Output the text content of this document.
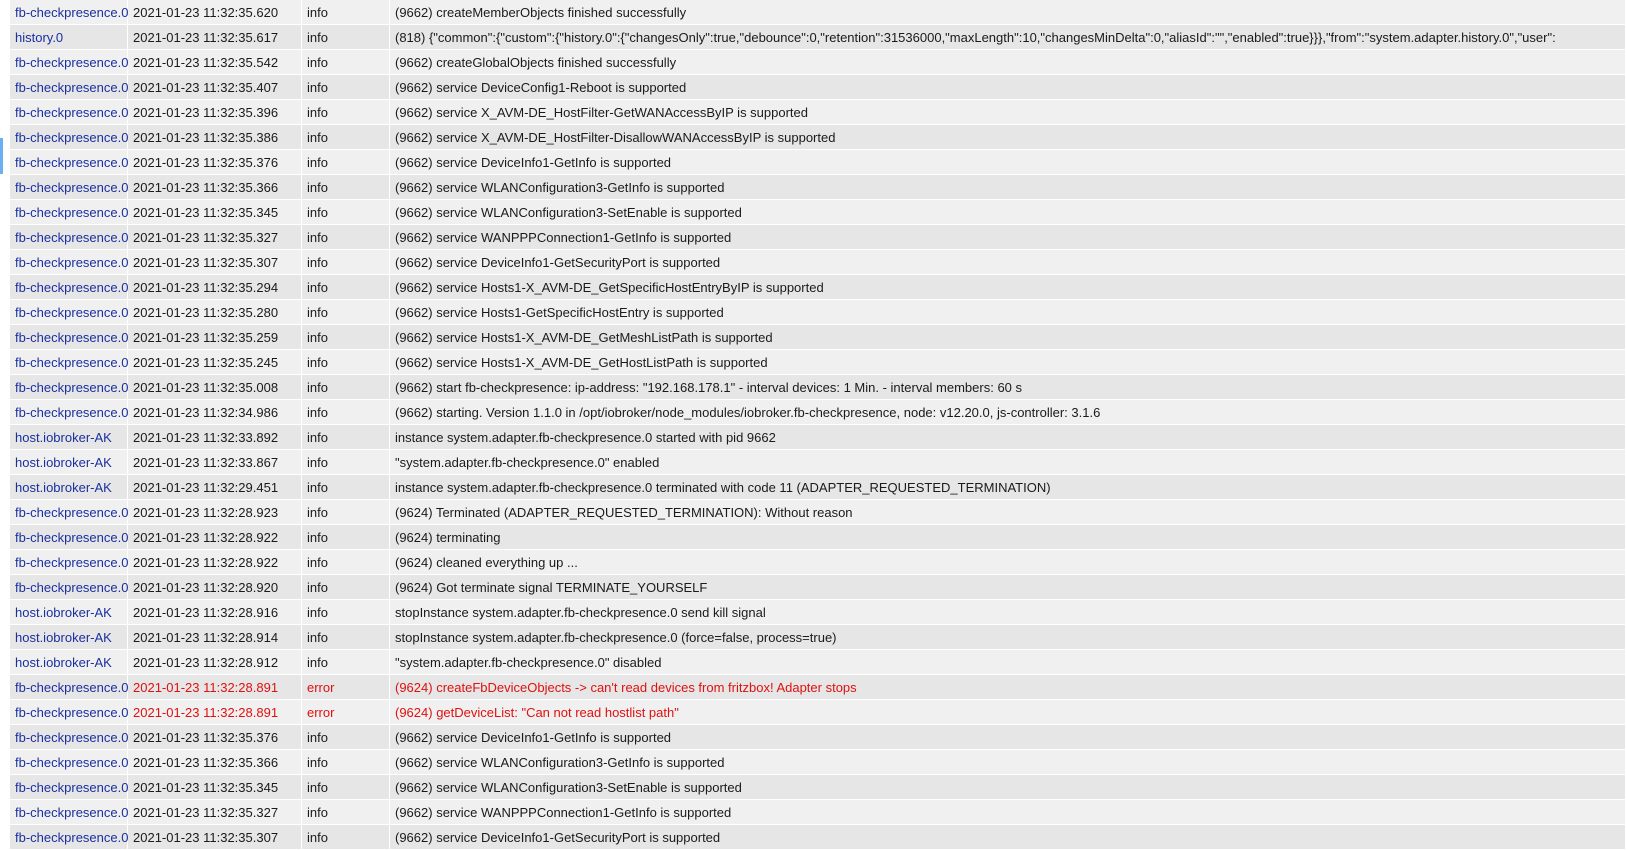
fb-checkpresence.0	2021-01-23 11:32:35.620	info	(9662) createMemberObjects finished successfully
history.0	2021-01-23 11:32:35.617	info	(818) {"common":{"custom":{"history.0":{"changesOnly":true,"debounce":0,"retention":31536000,"maxLength":10,"changesMinDelta":0,"aliasId":"","enabled":true}}},"from":"system.adapter.history.0","user":
fb-checkpresence.0	2021-01-23 11:32:35.542	info	(9662) createGlobalObjects finished successfully
fb-checkpresence.0	2021-01-23 11:32:35.407	info	(9662) service DeviceConfig1-Reboot is supported
fb-checkpresence.0	2021-01-23 11:32:35.396	info	(9662) service X_AVM-DE_HostFilter-GetWANAccessByIP is supported
fb-checkpresence.0	2021-01-23 11:32:35.386	info	(9662) service X_AVM-DE_HostFilter-DisallowWANAccessByIP is supported
fb-checkpresence.0	2021-01-23 11:32:35.376	info	(9662) service DeviceInfo1-GetInfo is supported
fb-checkpresence.0	2021-01-23 11:32:35.366	info	(9662) service WLANConfiguration3-GetInfo is supported
fb-checkpresence.0	2021-01-23 11:32:35.345	info	(9662) service WLANConfiguration3-SetEnable is supported
fb-checkpresence.0	2021-01-23 11:32:35.327	info	(9662) service WANPPPConnection1-GetInfo is supported
fb-checkpresence.0	2021-01-23 11:32:35.307	info	(9662) service DeviceInfo1-GetSecurityPort is supported
fb-checkpresence.0	2021-01-23 11:32:35.294	info	(9662) service Hosts1-X_AVM-DE_GetSpecificHostEntryByIP is supported
fb-checkpresence.0	2021-01-23 11:32:35.280	info	(9662) service Hosts1-GetSpecificHostEntry is supported
fb-checkpresence.0	2021-01-23 11:32:35.259	info	(9662) service Hosts1-X_AVM-DE_GetMeshListPath is supported
fb-checkpresence.0	2021-01-23 11:32:35.245	info	(9662) service Hosts1-X_AVM-DE_GetHostListPath is supported
fb-checkpresence.0	2021-01-23 11:32:35.008	info	(9662) start fb-checkpresence: ip-address: "192.168.178.1" - interval devices: 1 Min. - interval members: 60 s
fb-checkpresence.0	2021-01-23 11:32:34.986	info	(9662) starting. Version 1.1.0 in /opt/iobroker/node_modules/iobroker.fb-checkpresence, node: v12.20.0, js-controller: 3.1.6
host.iobroker-AK	2021-01-23 11:32:33.892	info	instance system.adapter.fb-checkpresence.0 started with pid 9662
host.iobroker-AK	2021-01-23 11:32:33.867	info	"system.adapter.fb-checkpresence.0" enabled
host.iobroker-AK	2021-01-23 11:32:29.451	info	instance system.adapter.fb-checkpresence.0 terminated with code 11 (ADAPTER_REQUESTED_TERMINATION)
fb-checkpresence.0	2021-01-23 11:32:28.923	info	(9624) Terminated (ADAPTER_REQUESTED_TERMINATION): Without reason
fb-checkpresence.0	2021-01-23 11:32:28.922	info	(9624) terminating
fb-checkpresence.0	2021-01-23 11:32:28.922	info	(9624) cleaned everything up ...
fb-checkpresence.0	2021-01-23 11:32:28.920	info	(9624) Got terminate signal TERMINATE_YOURSELF
host.iobroker-AK	2021-01-23 11:32:28.916	info	stopInstance system.adapter.fb-checkpresence.0 send kill signal
host.iobroker-AK	2021-01-23 11:32:28.914	info	stopInstance system.adapter.fb-checkpresence.0 (force=false, process=true)
host.iobroker-AK	2021-01-23 11:32:28.912	info	"system.adapter.fb-checkpresence.0" disabled
fb-checkpresence.0	2021-01-23 11:32:28.891	error	(9624) createFbDeviceObjects -> can't read devices from fritzbox! Adapter stops
fb-checkpresence.0	2021-01-23 11:32:28.891	error	(9624) getDeviceList: "Can not read hostlist path"
fb-checkpresence.0	2021-01-23 11:32:35.376	info	(9662) service DeviceInfo1-GetInfo is supported
fb-checkpresence.0	2021-01-23 11:32:35.366	info	(9662) service WLANConfiguration3-GetInfo is supported
fb-checkpresence.0	2021-01-23 11:32:35.345	info	(9662) service WLANConfiguration3-SetEnable is supported
fb-checkpresence.0	2021-01-23 11:32:35.327	info	(9662) service WANPPPConnection1-GetInfo is supported
fb-checkpresence.0	2021-01-23 11:32:35.307	info	(9662) service DeviceInfo1-GetSecurityPort is supported
